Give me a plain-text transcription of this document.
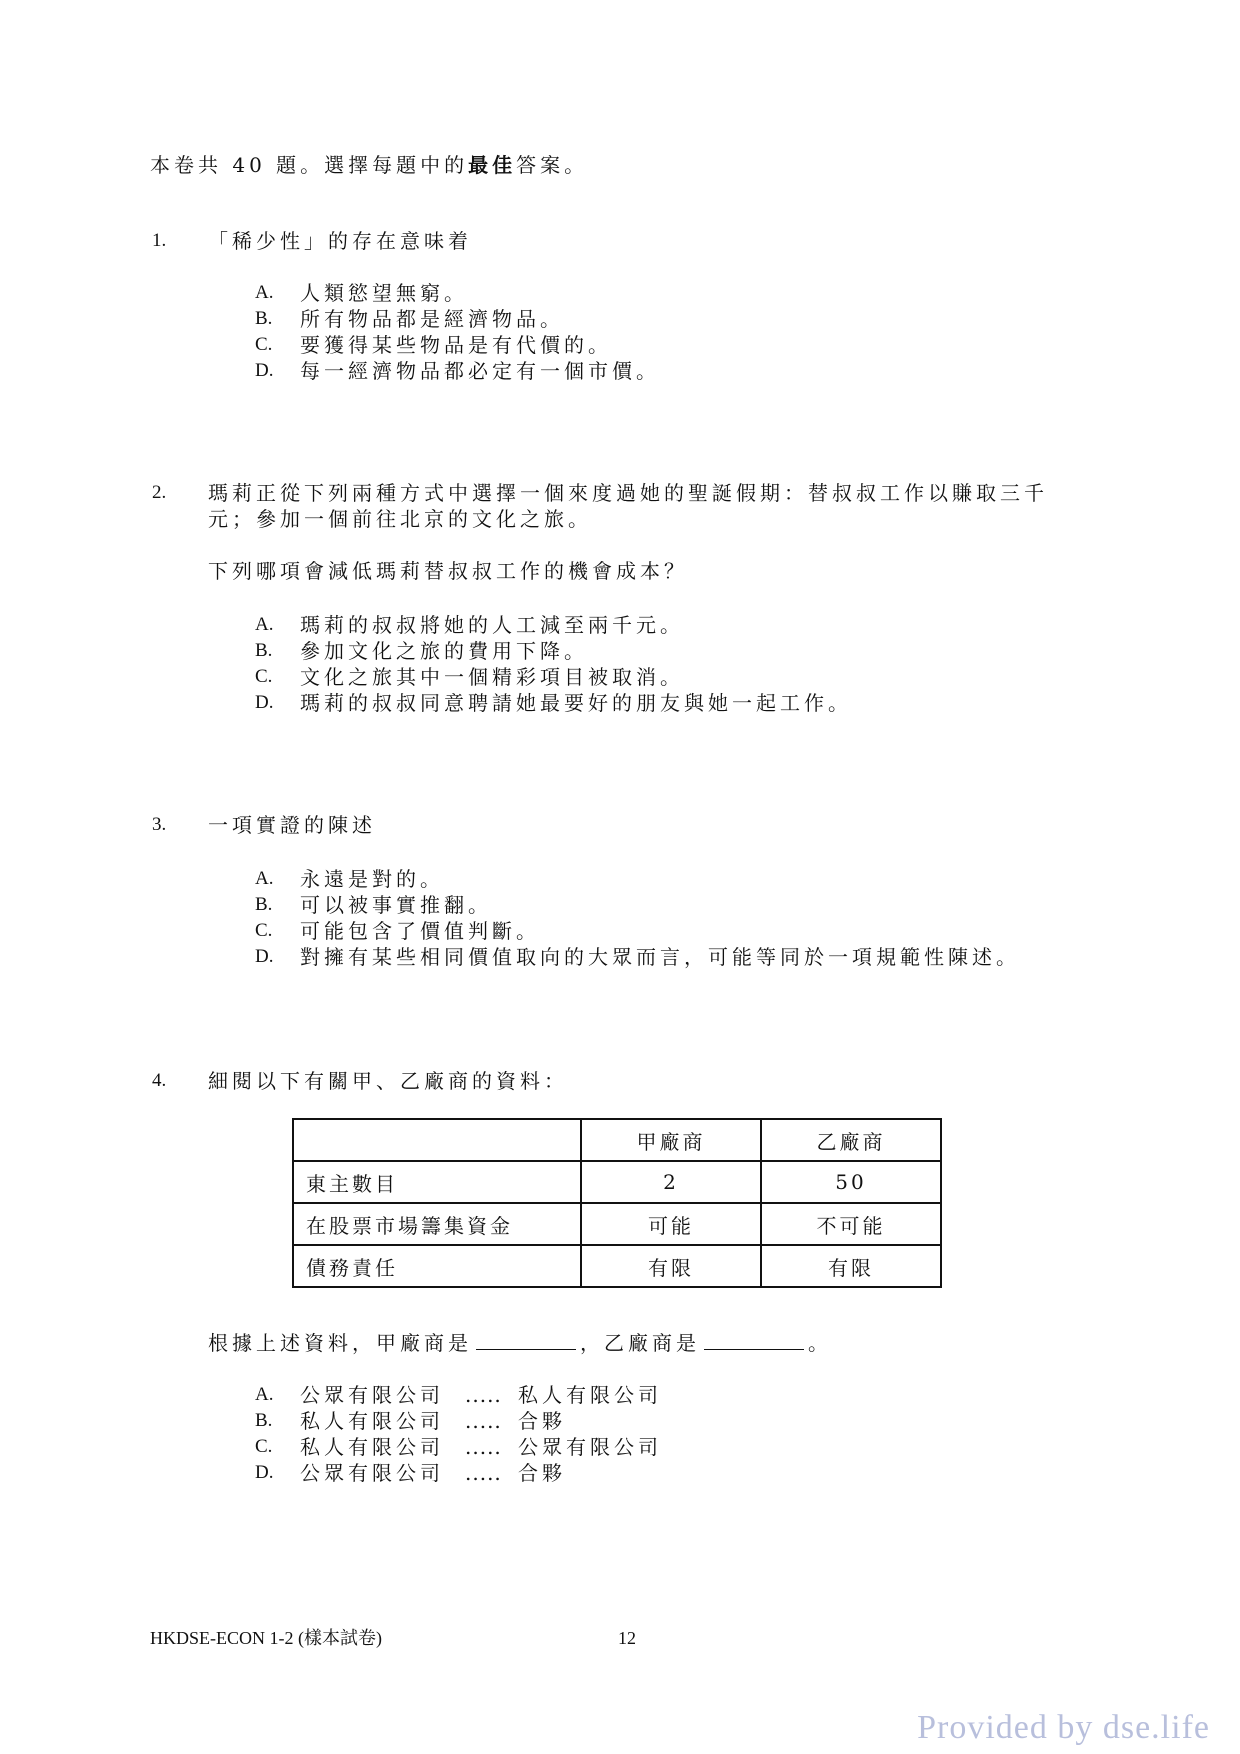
本卷共 40 題。選擇每題中的最佳答案。
1. 「稀少性」的存在意味着
A. 人類慾望無窮。
B. 所有物品都是經濟物品。
C. 要獲得某些物品是有代價的。
D. 每一經濟物品都必定有一個市價。
2. 瑪莉正從下列兩種方式中選擇一個來度過她的聖誕假期：替叔叔工作以賺取三千
元；參加一個前往北京的文化之旅。
下列哪項會減低瑪莉替叔叔工作的機會成本？
A. 瑪莉的叔叔將她的人工減至兩千元。
B. 參加文化之旅的費用下降。
C. 文化之旅其中一個精彩項目被取消。
D. 瑪莉的叔叔同意聘請她最要好的朋友與她一起工作。
3. 一項實證的陳述
A. 永遠是對的。
B. 可以被事實推翻。
C. 可能包含了價值判斷。
D. 對擁有某些相同價值取向的大眾而言，可能等同於一項規範性陳述。
4. 細閱以下有關甲、乙廠商的資料：
	甲廠商	乙廠商
東主數目	2	50
在股票市場籌集資金	可能	不可能
債務責任	有限	有限
根據上述資料，甲廠商是	，乙廠商是	。
A. 公眾有限公司 ..... 私人有限公司
B. 私人有限公司 ..... 合夥
C. 私人有限公司 ..... 公眾有限公司
D. 公眾有限公司 ..... 合夥
HKDSE-ECON 1-2 (樣本試卷)	12
Provided by dse.life
